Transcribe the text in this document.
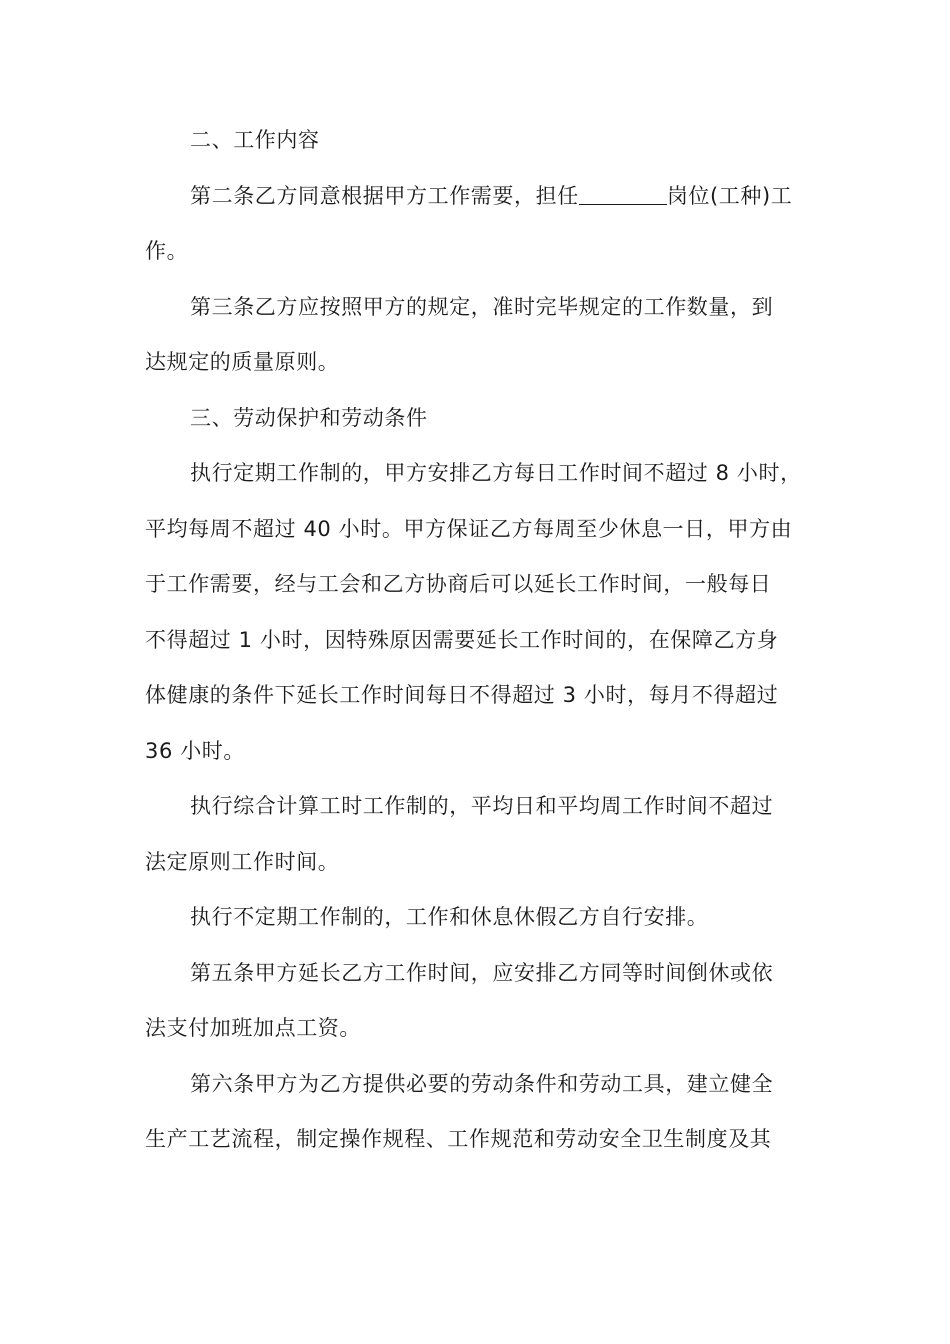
二、工作内容

第二条乙方同意根据甲方工作需要，担任	岗位(工种)工
作。

第三条乙方应按照甲方的规定，准时完毕规定的工作数量，到
达规定的质量原则。

三、劳动保护和劳动条件

执行定期工作制的，甲方安排乙方每日工作时间不超过 8 小时，
平均每周不超过 40 小时。甲方保证乙方每周至少休息一日，甲方由
于工作需要，经与工会和乙方协商后可以延长工作时间，一般每日
不得超过 1 小时，因特殊原因需要延长工作时间的，在保障乙方身
体健康的条件下延长工作时间每日不得超过 3 小时，每月不得超过
36 小时。

执行综合计算工时工作制的，平均日和平均周工作时间不超过
法定原则工作时间。

执行不定期工作制的，工作和休息休假乙方自行安排。

第五条甲方延长乙方工作时间，应安排乙方同等时间倒休或依
法支付加班加点工资。

第六条甲方为乙方提供必要的劳动条件和劳动工具，建立健全
生产工艺流程，制定操作规程、工作规范和劳动安全卫生制度及其
